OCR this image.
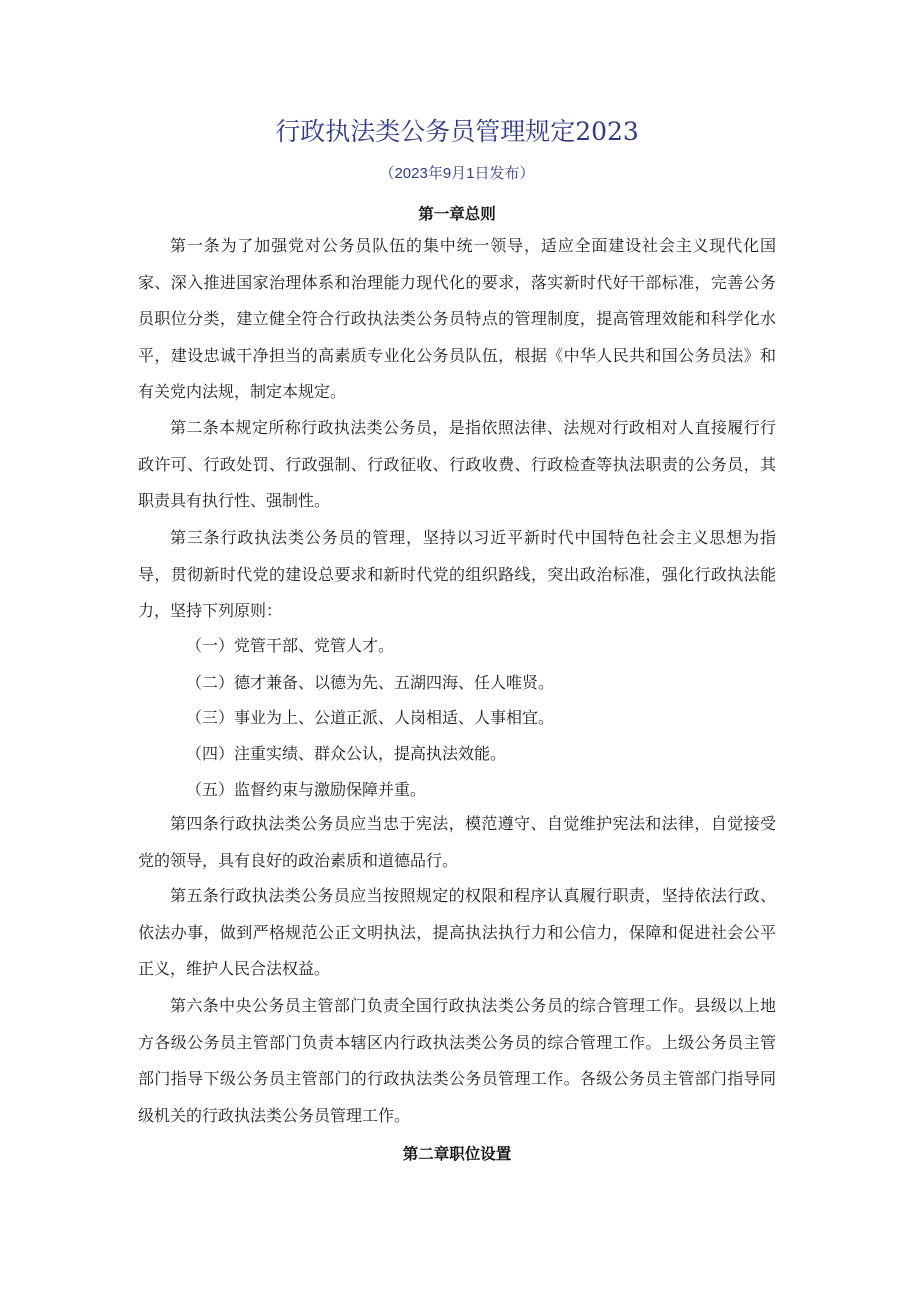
行政执法类公务员管理规定2023
（2023年9月1日发布）
第一章总则

第一条为了加强党对公务员队伍的集中统一领导，适应全面建设社会主义现代化国家、深入推进国家治理体系和治理能力现代化的要求，落实新时代好干部标准，完善公务员职位分类，建立健全符合行政执法类公务员特点的管理制度，提高管理效能和科学化水平，建设忠诚干净担当的高素质专业化公务员队伍，根据《中华人民共和国公务员法》和有关党内法规，制定本规定。

第二条本规定所称行政执法类公务员，是指依照法律、法规对行政相对人直接履行行政许可、行政处罚、行政强制、行政征收、行政收费、行政检查等执法职责的公务员，其职责具有执行性、强制性。

第三条行政执法类公务员的管理，坚持以习近平新时代中国特色社会主义思想为指导，贯彻新时代党的建设总要求和新时代党的组织路线，突出政治标准，强化行政执法能力，坚持下列原则：

（一）党管干部、党管人才。
（二）德才兼备、以德为先、五湖四海、任人唯贤。
（三）事业为上、公道正派、人岗相适、人事相宜。
（四）注重实绩、群众公认，提高执法效能。
（五）监督约束与激励保障并重。

第四条行政执法类公务员应当忠于宪法，模范遵守、自觉维护宪法和法律，自觉接受党的领导，具有良好的政治素质和道德品行。

第五条行政执法类公务员应当按照规定的权限和程序认真履行职责，坚持依法行政、依法办事，做到严格规范公正文明执法，提高执法执行力和公信力，保障和促进社会公平正义，维护人民合法权益。

第六条中央公务员主管部门负责全国行政执法类公务员的综合管理工作。县级以上地方各级公务员主管部门负责本辖区内行政执法类公务员的综合管理工作。上级公务员主管部门指导下级公务员主管部门的行政执法类公务员管理工作。各级公务员主管部门指导同级机关的行政执法类公务员管理工作。

第二章职位设置
